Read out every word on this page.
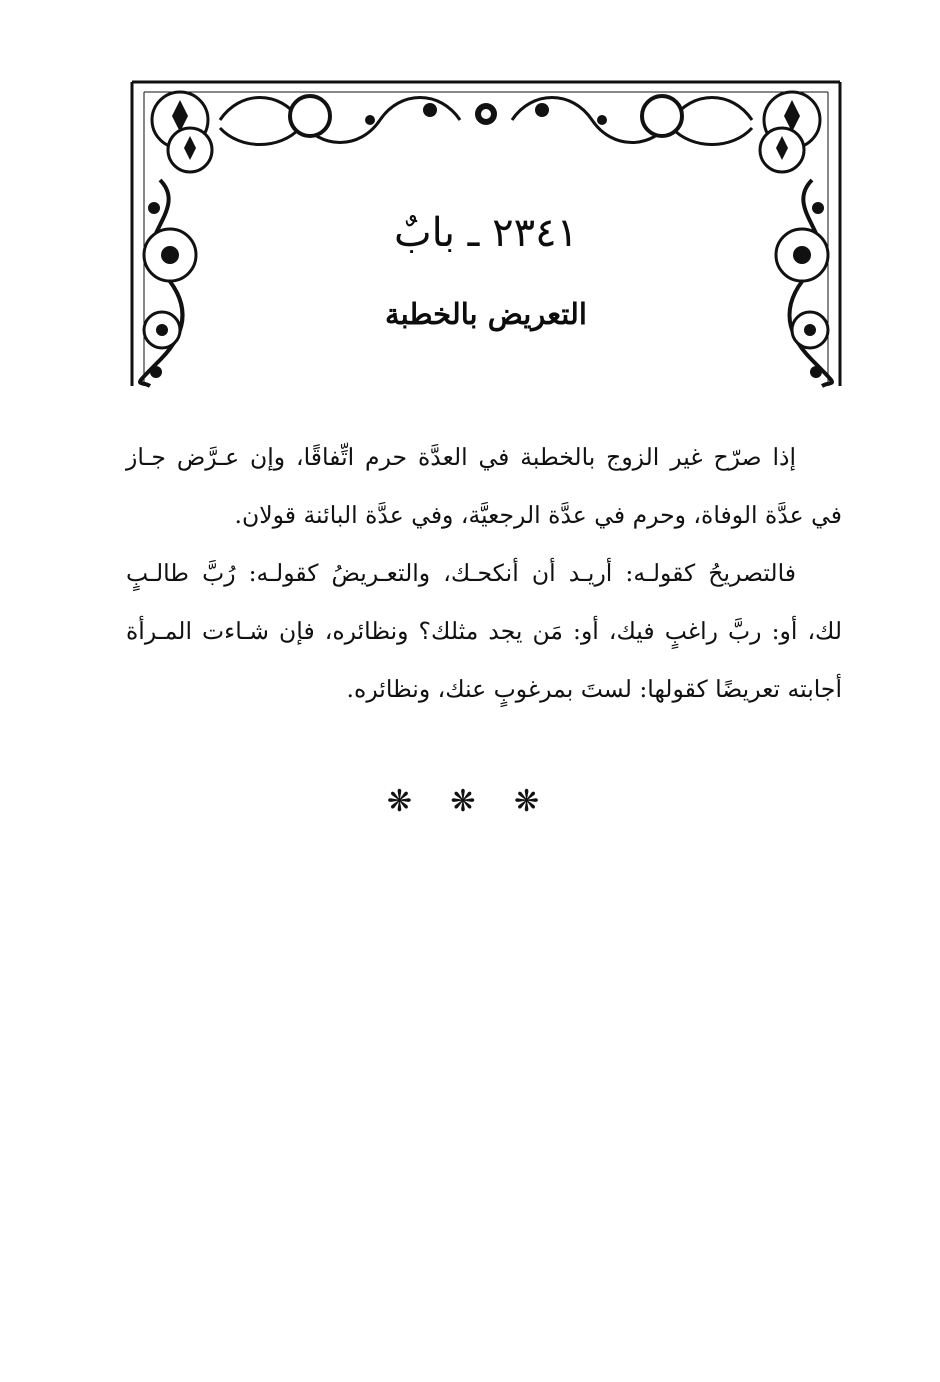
٢٣٤١ ـ بابٌ
التعريض بالخطبة
إذا صرّح غير الزوج بالخطبة في العدَّة حرم اتِّفاقًا، وإن عـرَّض جـاز
في عدَّة الوفاة، وحرم في عدَّة الرجعيَّة، وفي عدَّة البائنة قولان.
فالتصريحُ كقولـه: أريـد أن أنكحـك، والتعـريضُ كقولـه: رُبَّ طالـبٍ
لك، أو: ربَّ راغبٍ فيك، أو: مَن يجد مثلك؟ ونظائره، فإن شـاءت المـرأة
أجابته تعريضًا كقولها: لستَ بمرغوبٍ عنك، ونظائره.
❋ ❋ ❋
